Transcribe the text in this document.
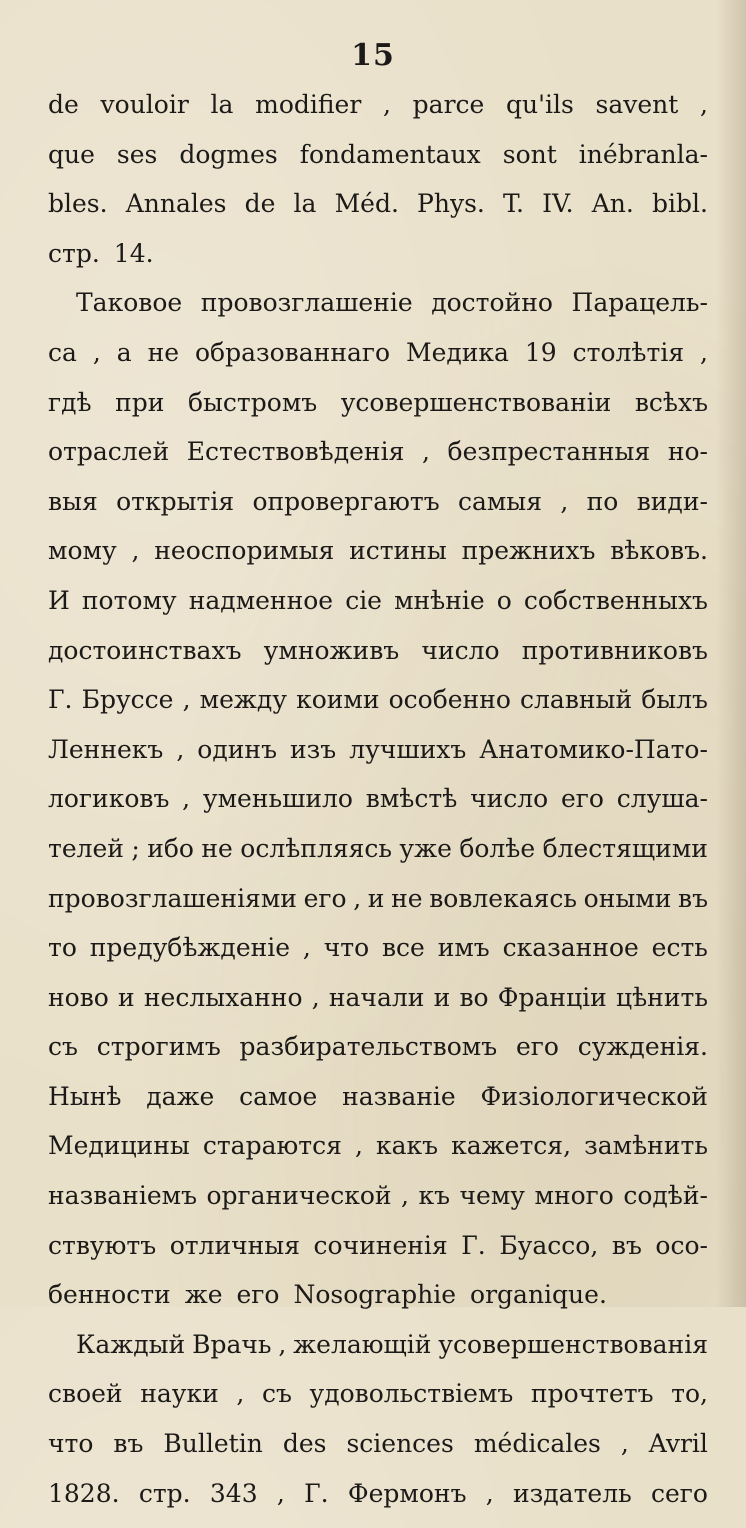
15
de vouloir la modifier , parce qu'ils savent ,
que ses dogmes fondamentaux sont inébranla-
bles. Annales de la Méd. Phys. T. IV. An. bibl.
стр. 14.
Таковое провозглашеніе достойно Парацель-
са , а не образованнаго Медика 19 столѣтія ,
гдѣ при быстромъ усовершенствованіи всѣхъ
отраслей Естествовѣденія , безпрестанныя но-
выя открытія опровергаютъ самыя , по види-
мому , неоспоримыя истины прежнихъ вѣковъ.
И потому надменное сіе мнѣніе о собственныхъ
достоинствахъ умноживъ число противниковъ
Г. Бруссе , между коими особенно славный былъ
Леннекъ , одинъ изъ лучшихъ Анатомико-Пато-
логиковъ , уменьшило вмѣстѣ число его слуша-
телей ; ибо не ослѣпляясь уже болѣе блестящими
провозглашеніями его , и не вовлекаясь оными въ
то предубѣжденіе , что все имъ сказанное есть
ново и неслыханно , начали и во Франціи цѣнить
съ строгимъ разбирательствомъ его сужденія.
Нынѣ даже самое названіе Физіологической
Медицины стараются , какъ кажется, замѣнить
названіемъ органической , къ чему много содѣй-
ствуютъ отличныя сочиненія Г. Буассо, въ осо-
бенности же его Nosographie organique.
Каждый Врачь , желающій усовершенствованія
своей науки , съ удовольствіемъ прочтетъ то,
что въ Bulletin des sciences médicales , Avril
1828. стр. 343 , Г. Фермонъ , издатель сего
